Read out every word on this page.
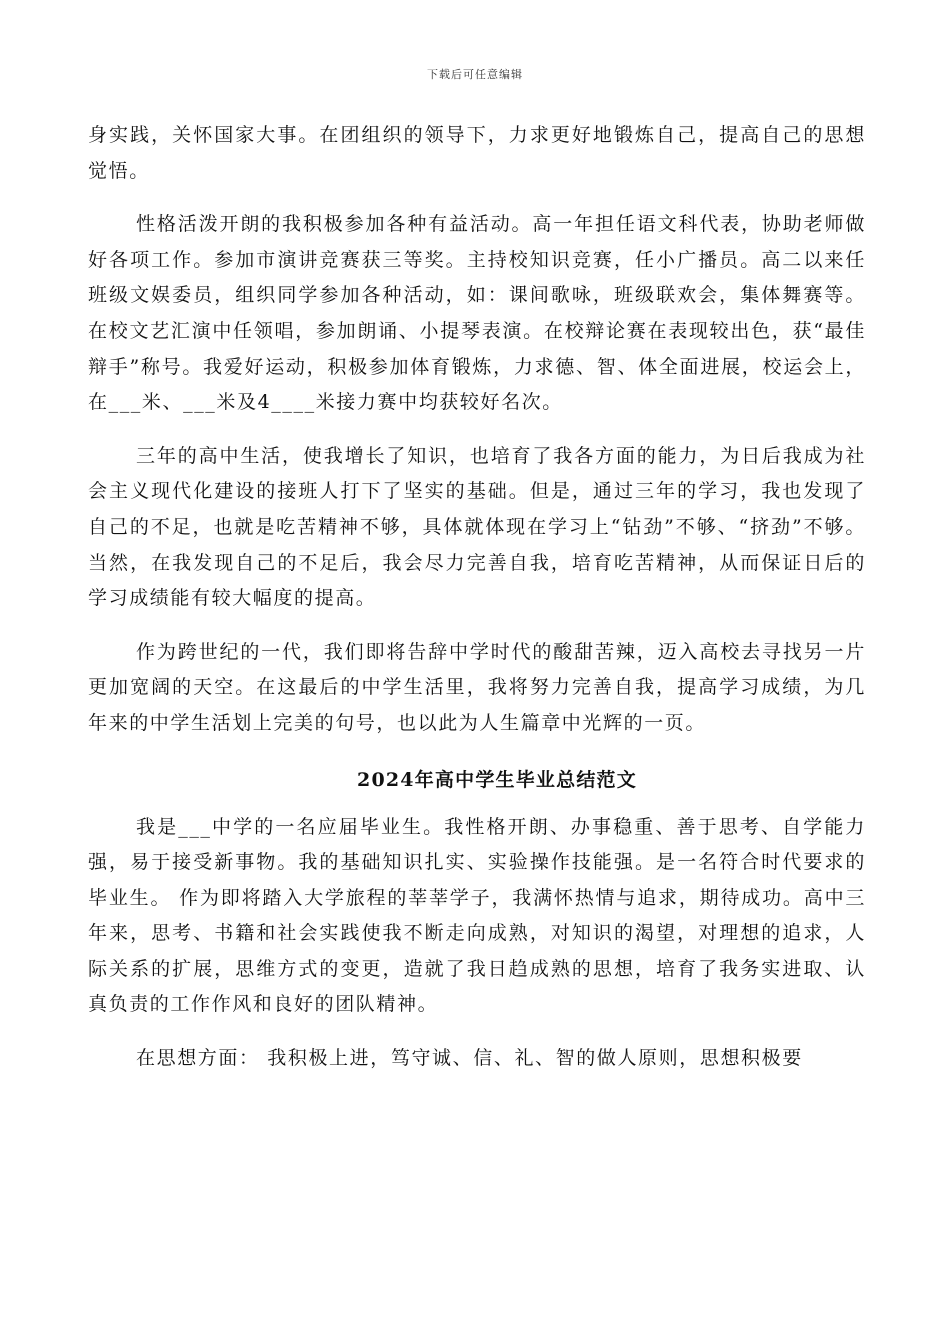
下载后可任意编辑

身实践，关怀国家大事。在团组织的领导下，力求更好地锻炼自己，提高自己的思想觉悟。

性格活泼开朗的我积极参加各种有益活动。高一年担任语文科代表，协助老师做好各项工作。参加市演讲竞赛获三等奖。主持校知识竞赛，任小广播员。高二以来任班级文娱委员，组织同学参加各种活动，如：课间歌咏，班级联欢会，集体舞赛等。在校文艺汇演中任领唱，参加朗诵、小提琴表演。在校辩论赛在表现较出色，获“最佳辩手”称号。我爱好运动，积极参加体育锻炼，力求德、智、体全面进展，校运会上，在___米、___米及4____米接力赛中均获较好名次。

三年的高中生活，使我增长了知识，也培育了我各方面的能力，为日后我成为社会主义现代化建设的接班人打下了坚实的基础。但是，通过三年的学习，我也发现了自己的不足，也就是吃苦精神不够，具体就体现在学习上“钻劲”不够、“挤劲”不够。当然，在我发现自己的不足后，我会尽力完善自我，培育吃苦精神，从而保证日后的学习成绩能有较大幅度的提高。

作为跨世纪的一代，我们即将告辞中学时代的酸甜苦辣，迈入高校去寻找另一片更加宽阔的天空。在这最后的中学生活里，我将努力完善自我，提高学习成绩，为几年来的中学生活划上完美的句号，也以此为人生篇章中光辉的一页。

2024年高中学生毕业总结范文

我是___中学的一名应届毕业生。我性格开朗、办事稳重、善于思考、自学能力强，易于接受新事物。我的基础知识扎实、实验操作技能强。是一名符合时代要求的毕业生。 作为即将踏入大学旅程的莘莘学子，我满怀热情与追求，期待成功。高中三年来，思考、书籍和社会实践使我不断走向成熟，对知识的渴望，对理想的追求，人际关系的扩展，思维方式的变更，造就了我日趋成熟的思想，培育了我务实进取、认真负责的工作作风和良好的团队精神。

在思想方面： 我积极上进，笃守诚、信、礼、智的做人原则，思想积极要
